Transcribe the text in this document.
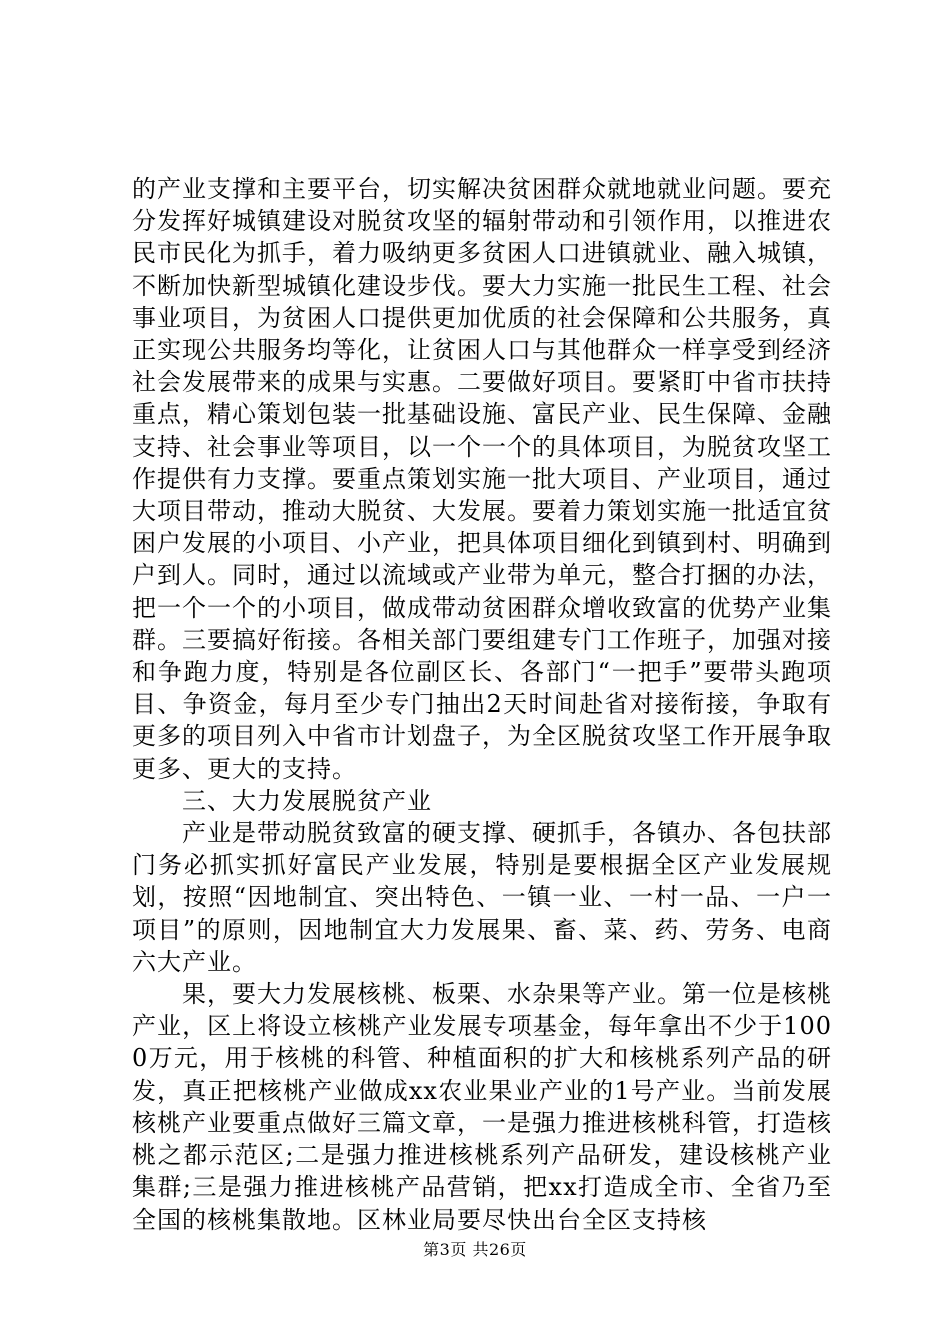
的产业支撑和主要平台，切实解决贫困群众就地就业问题。要充分发挥好城镇建设对脱贫攻坚的辐射带动和引领作用，以推进农民市民化为抓手，着力吸纳更多贫困人口进镇就业、融入城镇，不断加快新型城镇化建设步伐。要大力实施一批民生工程、社会事业项目，为贫困人口提供更加优质的社会保障和公共服务，真正实现公共服务均等化，让贫困人口与其他群众一样享受到经济社会发展带来的成果与实惠。二要做好项目。要紧盯中省市扶持重点，精心策划包装一批基础设施、富民产业、民生保障、金融支持、社会事业等项目，以一个一个的具体项目，为脱贫攻坚工作提供有力支撑。要重点策划实施一批大项目、产业项目，通过大项目带动，推动大脱贫、大发展。要着力策划实施一批适宜贫困户发展的小项目、小产业，把具体项目细化到镇到村、明确到户到人。同时，通过以流域或产业带为单元，整合打捆的办法，把一个一个的小项目，做成带动贫困群众增收致富的优势产业集群。三要搞好衔接。各相关部门要组建专门工作班子，加强对接和争跑力度，特别是各位副区长、各部门“一把手”要带头跑项目、争资金，每月至少专门抽出2天时间赴省对接衔接，争取有更多的项目列入中省市计划盘子，为全区脱贫攻坚工作开展争取更多、更大的支持。

三、大力发展脱贫产业

产业是带动脱贫致富的硬支撑、硬抓手，各镇办、各包扶部门务必抓实抓好富民产业发展，特别是要根据全区产业发展规划，按照“因地制宜、突出特色、一镇一业、一村一品、一户一项目”的原则，因地制宜大力发展果、畜、菜、药、劳务、电商六大产业。

果，要大力发展核桃、板栗、水杂果等产业。第一位是核桃产业，区上将设立核桃产业发展专项基金，每年拿出不少于1000万元，用于核桃的科管、种植面积的扩大和核桃系列产品的研发，真正把核桃产业做成xx农业果业产业的1号产业。当前发展核桃产业要重点做好三篇文章，一是强力推进核桃科管，打造核桃之都示范区;二是强力推进核桃系列产品研发，建设核桃产业集群;三是强力推进核桃产品营销，把xx打造成全市、全省乃至全国的核桃集散地。区林业局要尽快出台全区支持核

第3页 共26页
